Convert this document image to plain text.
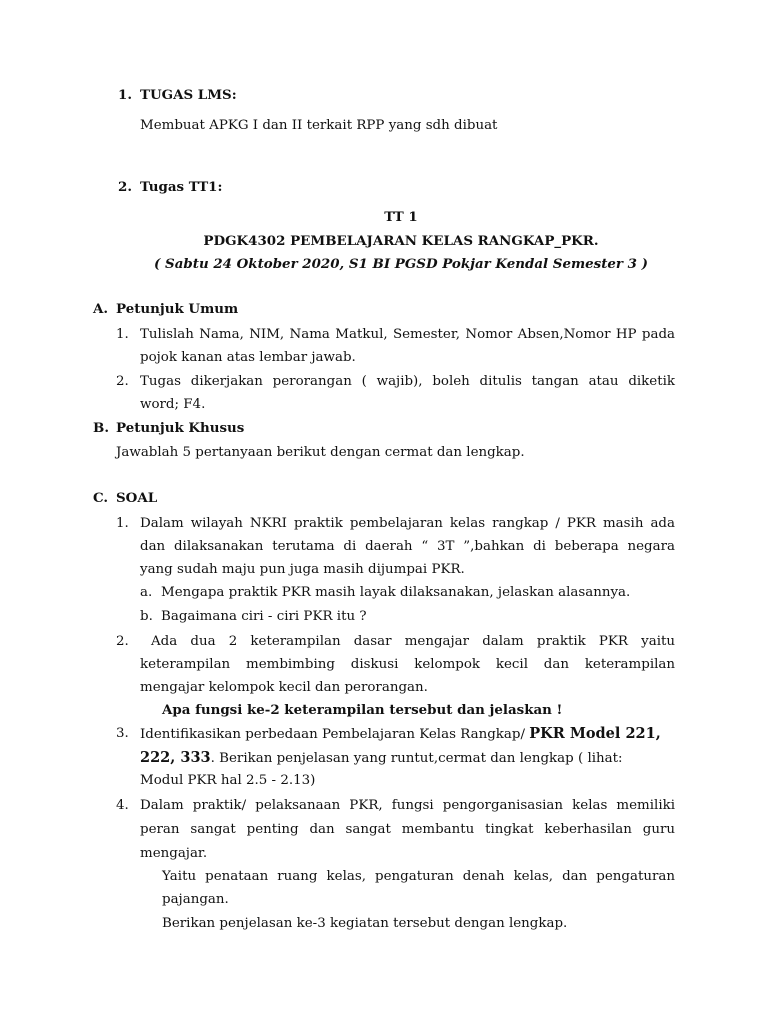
1. TUGAS LMS:
Membuat APKG I dan II terkait RPP yang sdh dibuat
2. Tugas TT1:
TT 1
PDGK4302 PEMBELAJARAN KELAS RANGKAP_PKR.
( Sabtu 24 Oktober 2020, S1 BI PGSD Pokjar Kendal Semester 3 )
A. Petunjuk Umum
1. Tulislah Nama, NIM, Nama Matkul, Semester, Nomor Absen,Nomor HP pada
pojok kanan atas lembar jawab.
2. Tugas dikerjakan perorangan ( wajib), boleh ditulis tangan atau diketik
word; F4.
B. Petunjuk Khusus
Jawablah 5 pertanyaan berikut dengan cermat dan lengkap.
C. SOAL
1. Dalam wilayah NKRI praktik pembelajaran kelas rangkap / PKR masih ada
dan dilaksanakan terutama di daerah “ 3T ”,bahkan di beberapa negara
yang sudah maju pun juga masih dijumpai PKR.
a. Mengapa praktik PKR masih layak dilaksanakan, jelaskan alasannya.
b. Bagaimana ciri - ciri PKR itu ?
2. Ada dua 2 keterampilan dasar mengajar dalam praktik PKR yaitu
keterampilan membimbing diskusi kelompok kecil dan keterampilan
mengajar kelompok kecil dan perorangan.
Apa fungsi ke-2 keterampilan tersebut dan jelaskan !
3. Identifikasikan perbedaan Pembelajaran Kelas Rangkap/ PKR Model 221,
222, 333. Berikan penjelasan yang runtut,cermat dan lengkap ( lihat:
Modul PKR hal 2.5 - 2.13)
4. Dalam praktik/ pelaksanaan PKR, fungsi pengorganisasian kelas memiliki
peran sangat penting dan sangat membantu tingkat keberhasilan guru
mengajar.
Yaitu penataan ruang kelas, pengaturan denah kelas, dan pengaturan
pajangan.
Berikan penjelasan ke-3 kegiatan tersebut dengan lengkap.
